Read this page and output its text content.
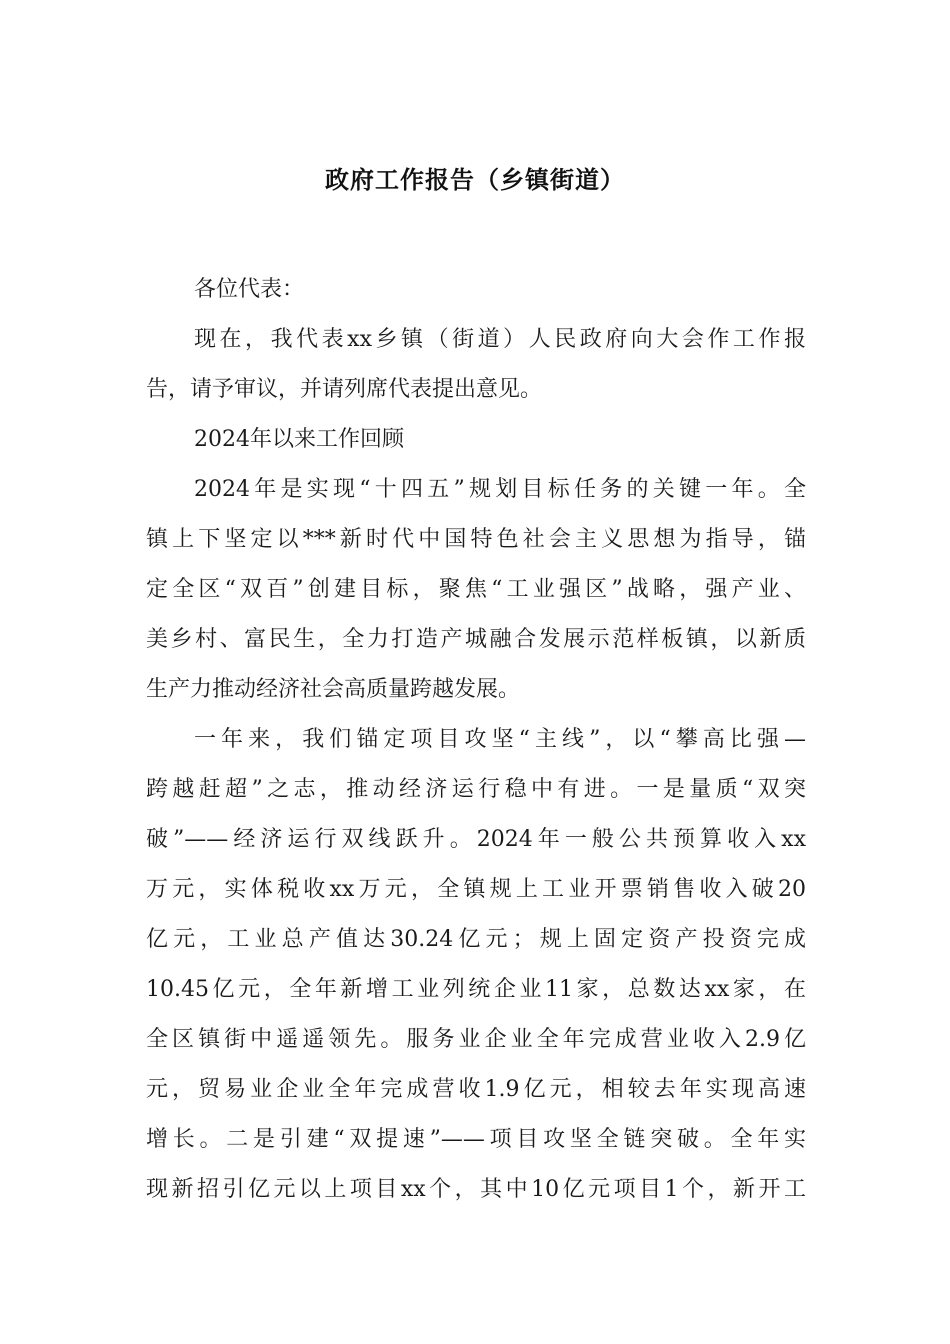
政府工作报告（乡镇街道）
各位代表：
现在，我代表xx乡镇（街道）人民政府向大会作工作报
告，请予审议，并请列席代表提出意见。
2024年以来工作回顾
2024年是实现“十四五”规划目标任务的关键一年。全
镇上下坚定以***新时代中国特色社会主义思想为指导，锚
定全区“双百”创建目标，聚焦“工业强区”战略，强产业、
美乡村、富民生，全力打造产城融合发展示范样板镇，以新质
生产力推动经济社会高质量跨越发展。
一年来，我们锚定项目攻坚“主线”，以“攀高比强—
跨越赶超”之志，推动经济运行稳中有进。一是量质“双突
破”——经济运行双线跃升。2024年一般公共预算收入xx
万元，实体税收xx万元，全镇规上工业开票销售收入破20
亿元，工业总产值达30.24亿元；规上固定资产投资完成
10.45亿元，全年新增工业列统企业11家，总数达xx家，在
全区镇街中遥遥领先。服务业企业全年完成营业收入2.9亿
元，贸易业企业全年完成营收1.9亿元，相较去年实现高速
增长。二是引建“双提速”——项目攻坚全链突破。全年实
现新招引亿元以上项目xx个，其中10亿元项目1个，新开工
